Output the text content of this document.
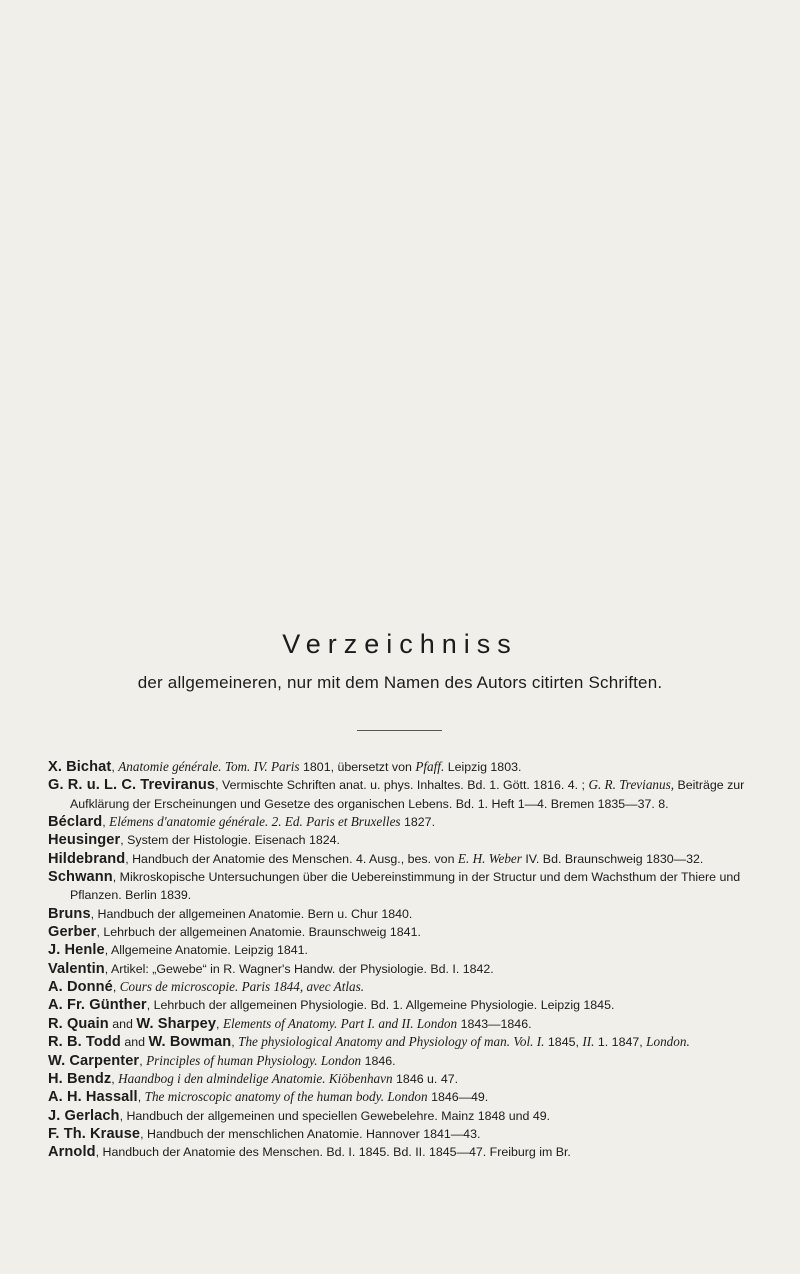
Verzeichniss
der allgemeineren, nur mit dem Namen des Autors citirten Schriften.

X. Bichat, Anatomie générale. Tom. IV. Paris 1801, übersetzt von Pfaff. Leipzig 1803.

G. R. u. L. C. Treviranus, Vermischte Schriften anat. u. phys. Inhaltes. Bd. 1. Gött. 1816. 4. ; G. R. Trevianus, Beiträge zur Aufklärung der Erscheinungen und Gesetze des organischen Lebens. Bd. 1. Heft 1—4. Bremen 1835—37. 8.

Béclard, Elémens d'anatomie générale. 2. Ed. Paris et Bruxelles 1827.

Heusinger, System der Histologie. Eisenach 1824.

Hildebrand, Handbuch der Anatomie des Menschen. 4. Ausg., bes. von E. H. Weber IV. Bd. Braunschweig 1830—32.

Schwann, Mikroskopische Untersuchungen über die Uebereinstimmung in der Structur und dem Wachsthum der Thiere und Pflanzen. Berlin 1839.

Bruns, Handbuch der allgemeinen Anatomie. Bern u. Chur 1840.

Gerber, Lehrbuch der allgemeinen Anatomie. Braunschweig 1841.

J. Henle, Allgemeine Anatomie. Leipzig 1841.

Valentin, Artikel: „Gewebe“ in R. Wagner's Handw. der Physiologie. Bd. I. 1842.

A. Donné, Cours de microscopie. Paris 1844, avec Atlas.

A. Fr. Günther, Lehrbuch der allgemeinen Physiologie. Bd. 1. Allgemeine Physiologie. Leipzig 1845.

R. Quain and W. Sharpey, Elements of Anatomy. Part I. and II. London 1843—1846.

R. B. Todd and W. Bowman, The physiological Anatomy and Physiology of man. Vol. I. 1845, II. 1. 1847, London.

W. Carpenter, Principles of human Physiology. London 1846.

H. Bendz, Haandbog i den almindelige Anatomie. Kiöbenhavn 1846 u. 47.

A. H. Hassall, The microscopic anatomy of the human body. London 1846—49.

J. Gerlach, Handbuch der allgemeinen und speciellen Gewebelehre. Mainz 1848 und 49.

F. Th. Krause, Handbuch der menschlichen Anatomie. Hannover 1841—43.

Arnold, Handbuch der Anatomie des Menschen. Bd. I. 1845. Bd. II. 1845—47. Freiburg im Br.
